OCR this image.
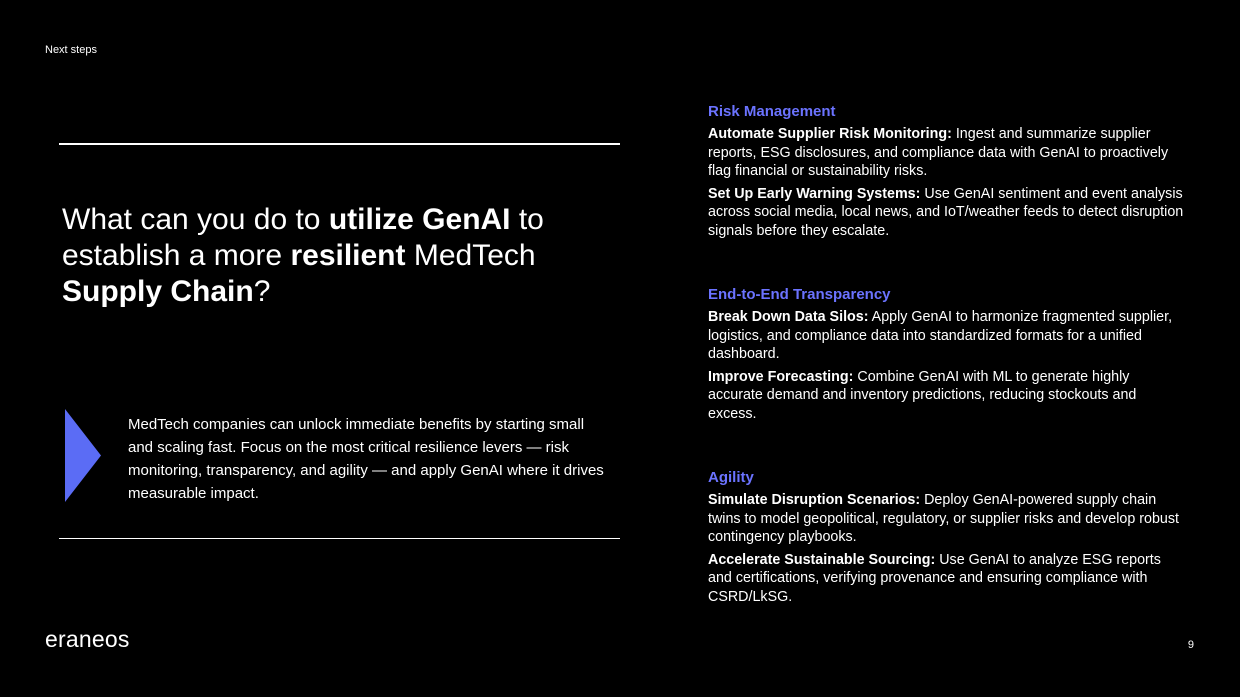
Next steps
What can you do to utilize GenAI to establish a more resilient MedTech Supply Chain?

MedTech companies can unlock immediate benefits by starting small and scaling fast. Focus on the most critical resilience levers — risk monitoring, transparency, and agility — and apply GenAI where it drives measurable impact.

Risk Management
Automate Supplier Risk Monitoring: Ingest and summarize supplier reports, ESG disclosures, and compliance data with GenAI to proactively flag financial or sustainability risks.
Set Up Early Warning Systems: Use GenAI sentiment and event analysis across social media, local news, and IoT/weather feeds to detect disruption signals before they escalate.
End-to-End Transparency
Break Down Data Silos: Apply GenAI to harmonize fragmented supplier, logistics, and compliance data into standardized formats for a unified dashboard.
Improve Forecasting: Combine GenAI with ML to generate highly accurate demand and inventory predictions, reducing stockouts and excess.
Agility
Simulate Disruption Scenarios: Deploy GenAI-powered supply chain twins to model geopolitical, regulatory, or supplier risks and develop robust contingency playbooks.
Accelerate Sustainable Sourcing: Use GenAI to analyze ESG reports and certifications, verifying provenance and ensuring compliance with CSRD/LkSG.
eraneos	9
